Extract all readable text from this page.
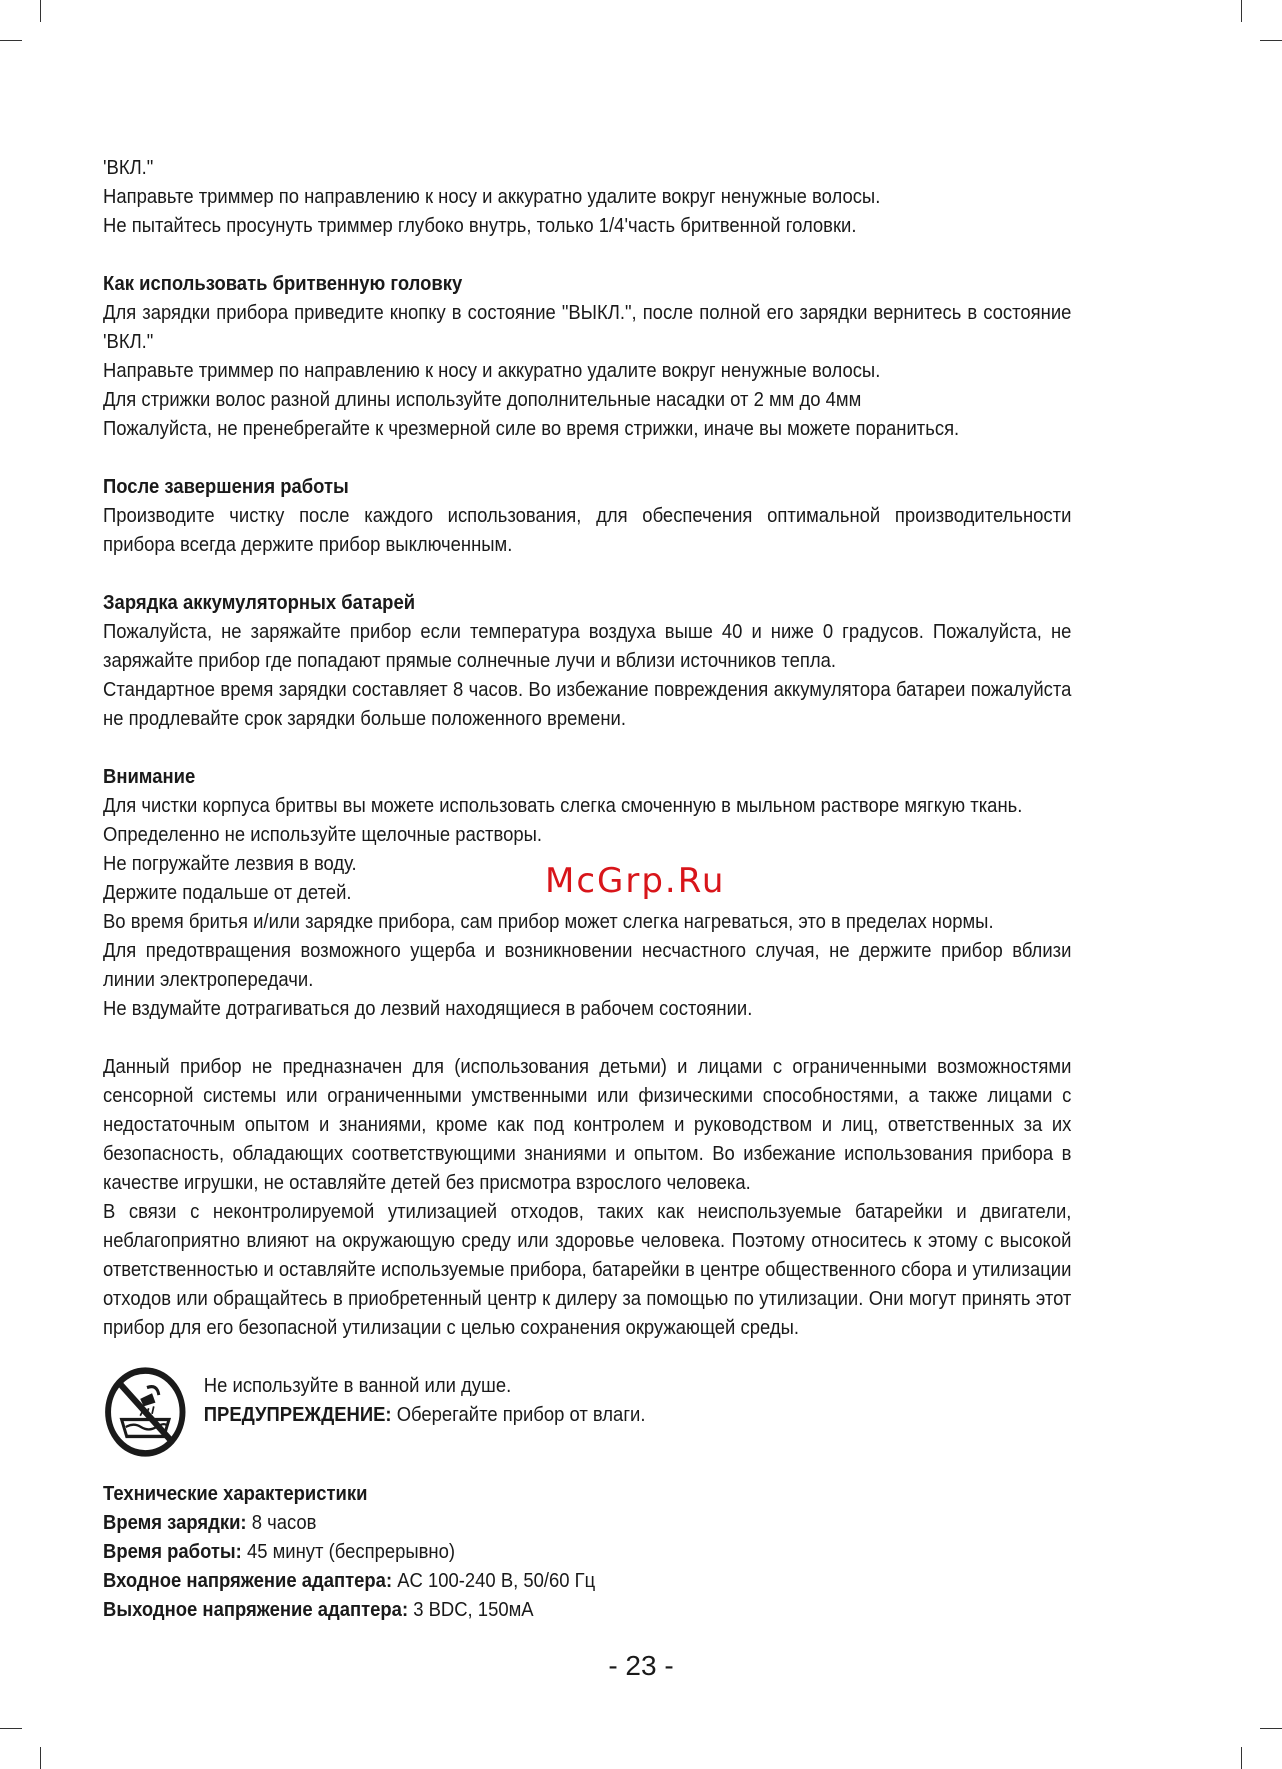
'ВКЛ."

Направьте триммер по направлению к носу и аккуратно удалите вокруг ненужные волосы.

Не пытайтесь просунуть триммер глубоко внутрь, только 1/4'часть бритвенной головки.

Как использовать бритвенную головку

Для зарядки прибора приведите кнопку в состояние "ВЫКЛ.", после полной его зарядки вернитесь в состояние 'ВКЛ."

Направьте триммер по направлению к носу и аккуратно удалите вокруг ненужные волосы.

Для стрижки волос разной длины используйте дополнительные насадки от 2 мм до 4мм

Пожалуйста, не пренебрегайте к чрезмерной силе во время стрижки, иначе вы можете пораниться.

После завершения работы

Производите чистку после каждого использования, для обеспечения оптимальной производительности прибора всегда держите прибор выключенным.

Зарядка аккумуляторных батарей

Пожалуйста, не заряжайте прибор если температура воздуха выше 40 и ниже 0 градусов. Пожалуйста, не заряжайте прибор где попадают прямые солнечные лучи и вблизи источников тепла.

Стандартное время зарядки составляет 8 часов. Во избежание повреждения аккумулятора батареи пожалуйста не продлевайте срок зарядки больше положенного времени.

Внимание

Для чистки корпуса бритвы вы можете использовать слегка смоченную в мыльном растворе мягкую ткань.

Определенно не используйте щелочные растворы.

Не погружайте лезвия в воду.

Держите подальше от детей.

Во время бритья и/или зарядке прибора, сам прибор может слегка нагреваться, это в пределах нормы.

Для предотвращения возможного ущерба и возникновении несчастного случая, не держите прибор вблизи линии электропередачи.

Не вздумайте дотрагиваться до лезвий находящиеся в рабочем состоянии.

Данный прибор не предназначен для (использования детьми) и лицами с ограниченными возможностями сенсорной системы или ограниченными умственными или физическими способностями, а также лицами с недостаточным опытом и знаниями, кроме как под контролем и руководством и лиц, ответственных за их безопасность, обладающих соответствующими знаниями и опытом. Во избежание использования прибора в качестве игрушки, не оставляйте детей без присмотра взрослого человека.

В связи с неконтролируемой утилизацией отходов, таких как неиспользуемые батарейки и двигатели, неблагоприятно влияют на окружающую среду или здоровье человека. Поэтому относитесь к этому с высокой ответственностью и оставляйте используемые прибора, батарейки в центре общественного сбора и утилизации отходов или обращайтесь в приобретенный центр к дилеру за помощью по утилизации. Они могут принять этот прибор для его безопасной утилизации с целью сохранения окружающей среды.

Не используйте в ванной или душе.

ПРЕДУПРЕЖДЕНИЕ: Оберегайте прибор от влаги.

Технические характеристики

Время зарядки: 8 часов

Время работы: 45 минут (беспрерывно)

Входное напряжение адаптера: AC 100-240 В, 50/60 Гц

Выходное напряжение адаптера: 3 BDC, 150мА

McGrp.Ru
- 23 -
